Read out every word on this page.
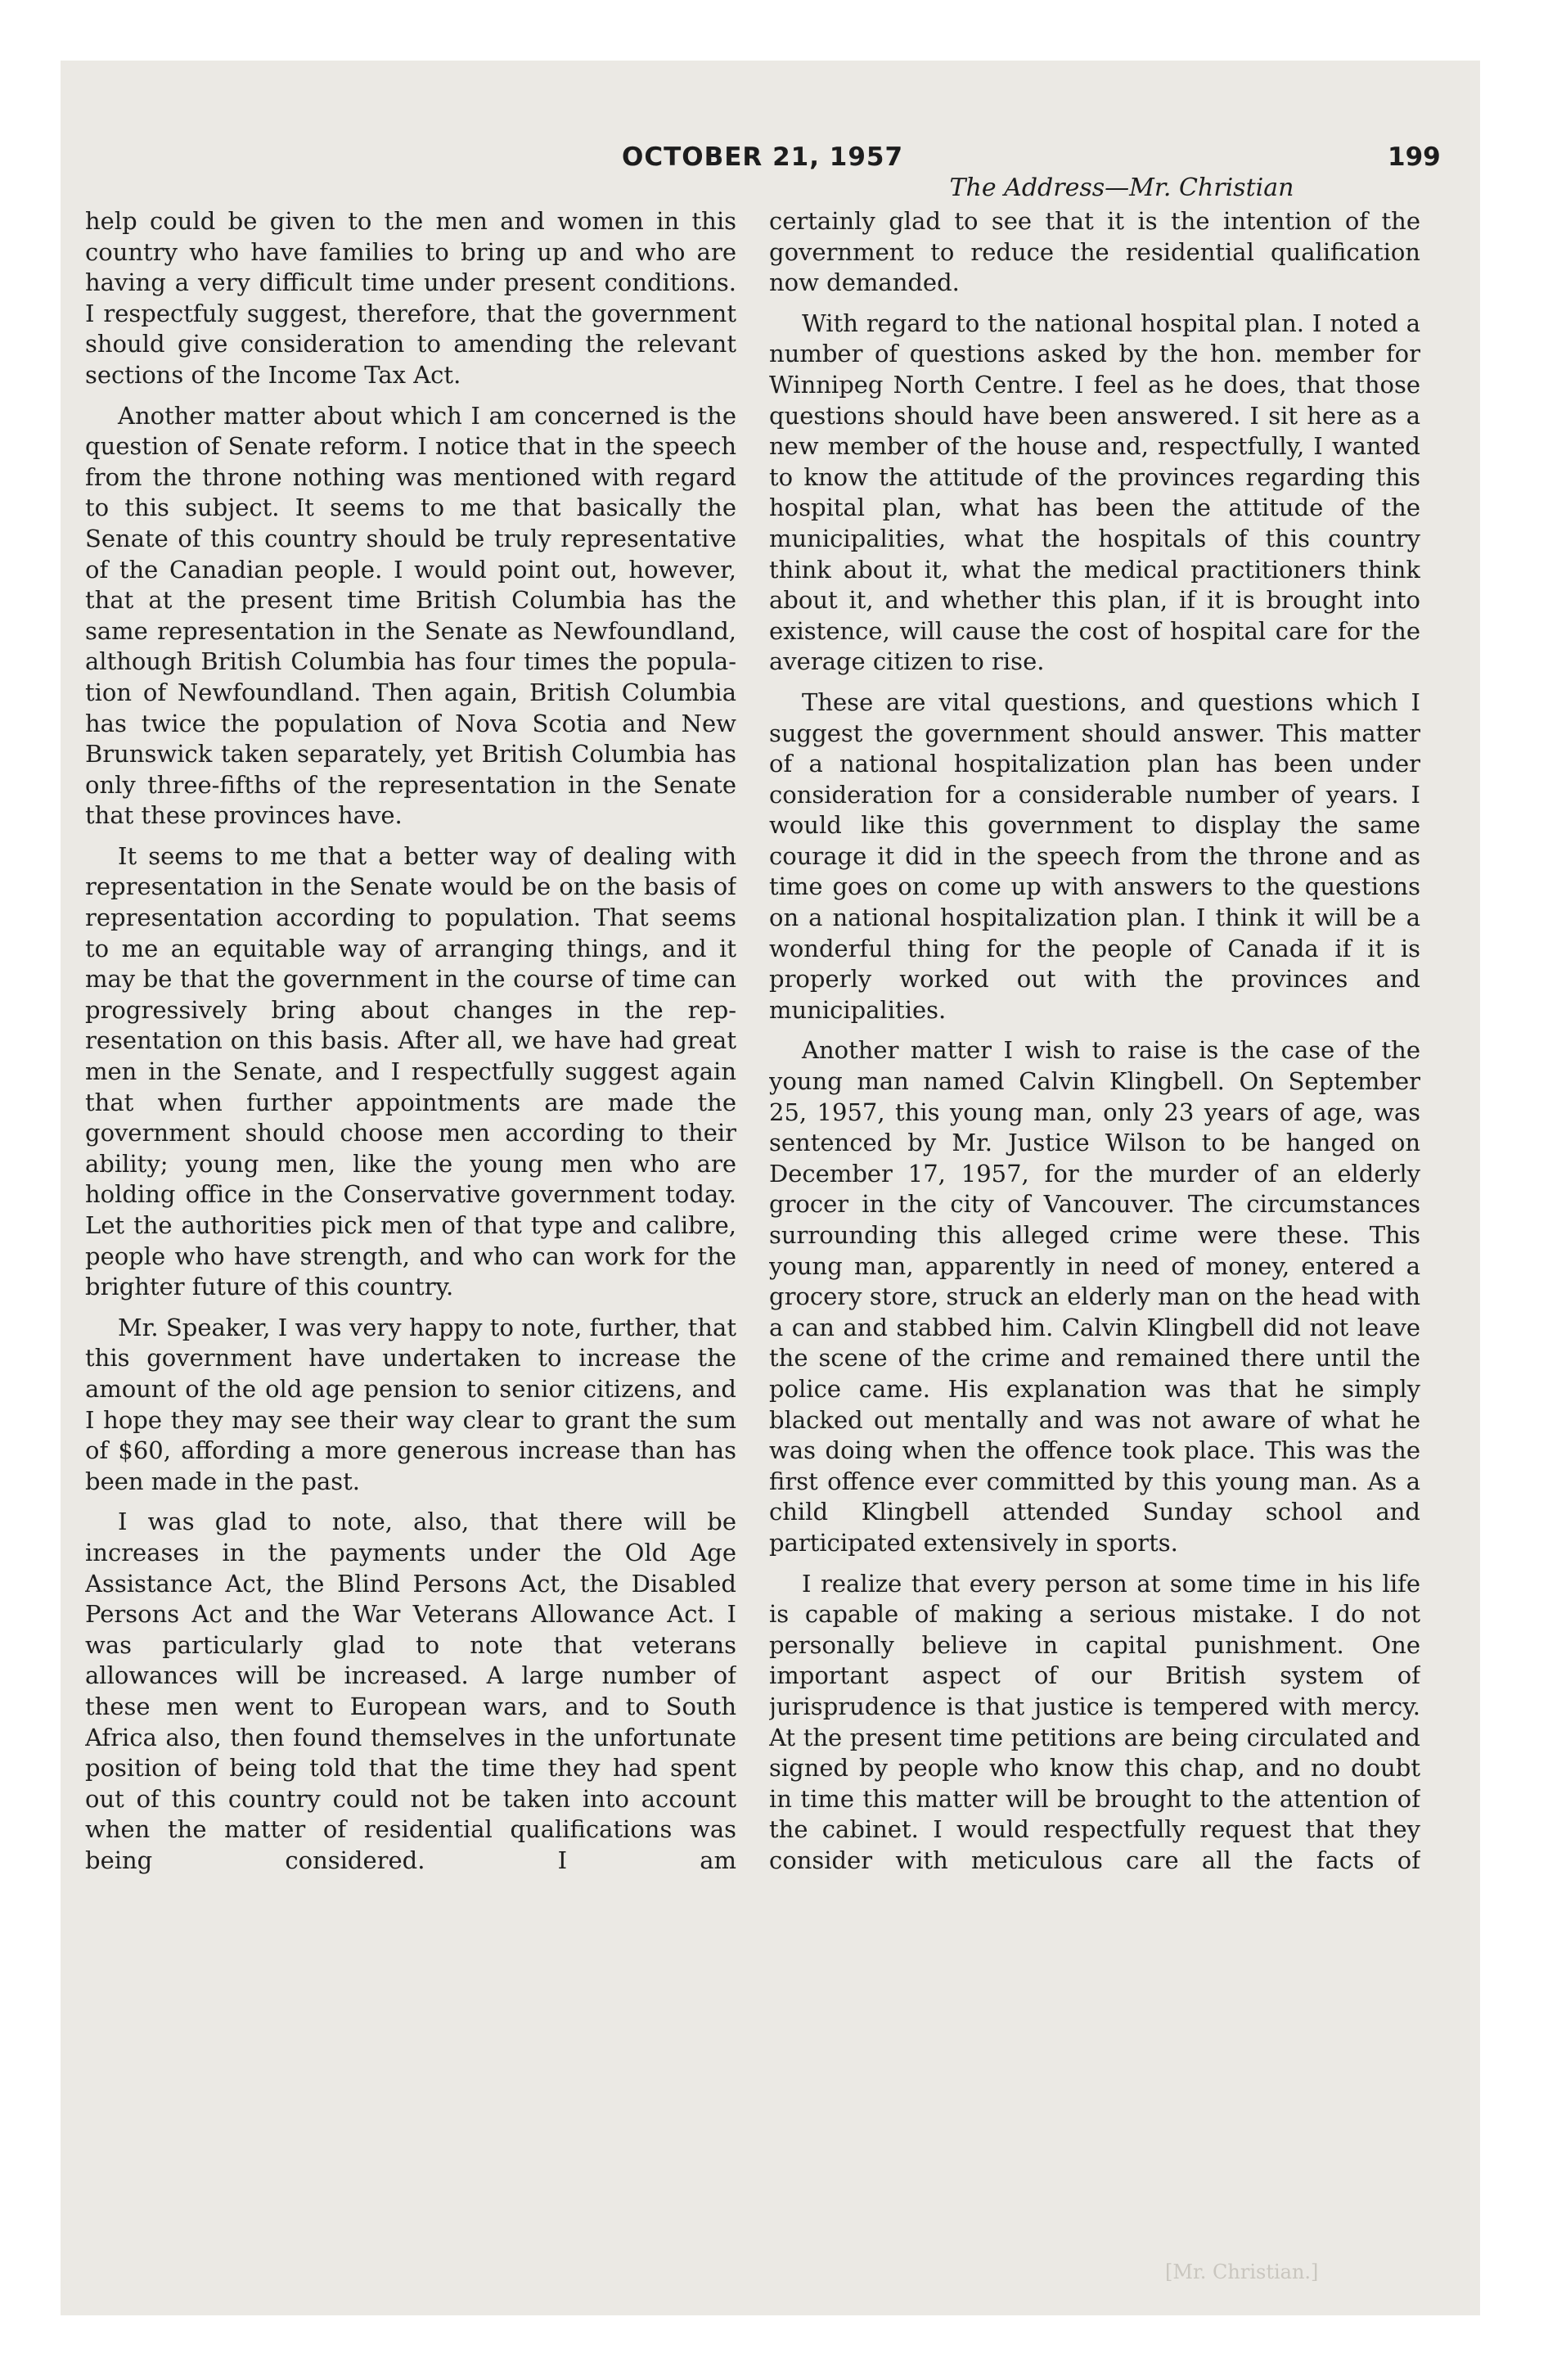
OCTOBER 21, 1957	199
The Address—Mr. Christian

help could be given to the men and women in this country who have families to bring up and who are having a very difficult time under present conditions. I respectfuly suggest, therefore, that the government should give consideration to amending the relevant sections of the Income Tax Act.

Another matter about which I am concerned is the question of Senate reform. I notice that in the speech from the throne nothing was mentioned with regard to this subject. It seems to me that basically the Senate of this country should be truly representative of the Canadian people. I would point out, however, that at the present time British Columbia has the same representation in the Senate as Newfoundland, although British Columbia has four times the population of Newfoundland. Then again, British Columbia has twice the population of Nova Scotia and New Brunswick taken separately, yet British Columbia has only three-fifths of the representation in the Senate that these provinces have.

It seems to me that a better way of dealing with representation in the Senate would be on the basis of representation according to population. That seems to me an equitable way of arranging things, and it may be that the government in the course of time can progressively bring about changes in the representation on this basis. After all, we have had great men in the Senate, and I respectfully suggest again that when further appointments are made the government should choose men according to their ability; young men, like the young men who are holding office in the Conservative government today. Let the authorities pick men of that type and calibre, people who have strength, and who can work for the brighter future of this country.

Mr. Speaker, I was very happy to note, further, that this government have undertaken to increase the amount of the old age pension to senior citizens, and I hope they may see their way clear to grant the sum of $60, affording a more generous increase than has been made in the past.

I was glad to note, also, that there will be increases in the payments under the Old Age Assistance Act, the Blind Persons Act, the Disabled Persons Act and the War Veterans Allowance Act. I was particularly glad to note that veterans allowances will be increased. A large number of these men went to European wars, and to South Africa also, then found themselves in the unfortunate position of being told that the time they had spent out of this country could not be taken into account when the matter of residential qualifications was being considered. I am

certainly glad to see that it is the intention of the government to reduce the residential qualification now demanded.

With regard to the national hospital plan. I noted a number of questions asked by the hon. member for Winnipeg North Centre. I feel as he does, that those questions should have been answered. I sit here as a new member of the house and, respectfully, I wanted to know the attitude of the provinces regarding this hospital plan, what has been the attitude of the municipalities, what the hospitals of this country think about it, what the medical practitioners think about it, and whether this plan, if it is brought into existence, will cause the cost of hospital care for the average citizen to rise.

These are vital questions, and questions which I suggest the government should answer. This matter of a national hospitalization plan has been under consideration for a considerable number of years. I would like this government to display the same courage it did in the speech from the throne and as time goes on come up with answers to the questions on a national hospitalization plan. I think it will be a wonderful thing for the people of Canada if it is properly worked out with the provinces and municipalities.

Another matter I wish to raise is the case of the young man named Calvin Klingbell. On September 25, 1957, this young man, only 23 years of age, was sentenced by Mr. Justice Wilson to be hanged on December 17, 1957, for the murder of an elderly grocer in the city of Vancouver. The circumstances surrounding this alleged crime were these. This young man, apparently in need of money, entered a grocery store, struck an elderly man on the head with a can and stabbed him. Calvin Klingbell did not leave the scene of the crime and remained there until the police came. His explanation was that he simply blacked out mentally and was not aware of what he was doing when the offence took place. This was the first offence ever committed by this young man. As a child Klingbell attended Sunday school and participated extensively in sports.

I realize that every person at some time in his life is capable of making a serious mistake. I do not personally believe in capital punishment. One important aspect of our British system of jurisprudence is that justice is tempered with mercy. At the present time petitions are being circulated and signed by people who know this chap, and no doubt in time this matter will be brought to the attention of the cabinet. I would respectfully request that they consider with meticulous care all the facts of

[Mr. Christian.]
